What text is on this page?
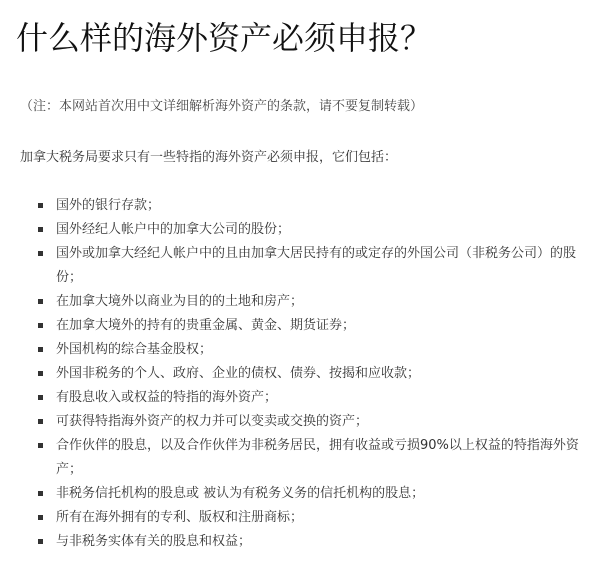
什么样的海外资产必须申报？

（注：本网站首次用中文详细解析海外资产的条款，请不要复制转载）

加拿大税务局要求只有一些特指的海外资产必须申报，它们包括：

国外的银行存款；
国外经纪人帐户中的加拿大公司的股份；
国外或加拿大经纪人帐户中的且由加拿大居民持有的或定存的外国公司（非税务公司）的股份；
在加拿大境外以商业为目的的土地和房产；
在加拿大境外的持有的贵重金属、黄金、期货证券；
外国机构的综合基金股权；
外国非税务的个人、政府、企业的债权、债券、按揭和应收款；
有股息收入或权益的特指的海外资产；
可获得特指海外资产的权力并可以变卖或交换的资产；
合作伙伴的股息，以及合作伙伴为非税务居民，拥有收益或亏损90%以上权益的特指海外资产；
非税务信托机构的股息或 被认为有税务义务的信托机构的股息；
所有在海外拥有的专利、版权和注册商标；
与非税务实体有关的股息和权益；
